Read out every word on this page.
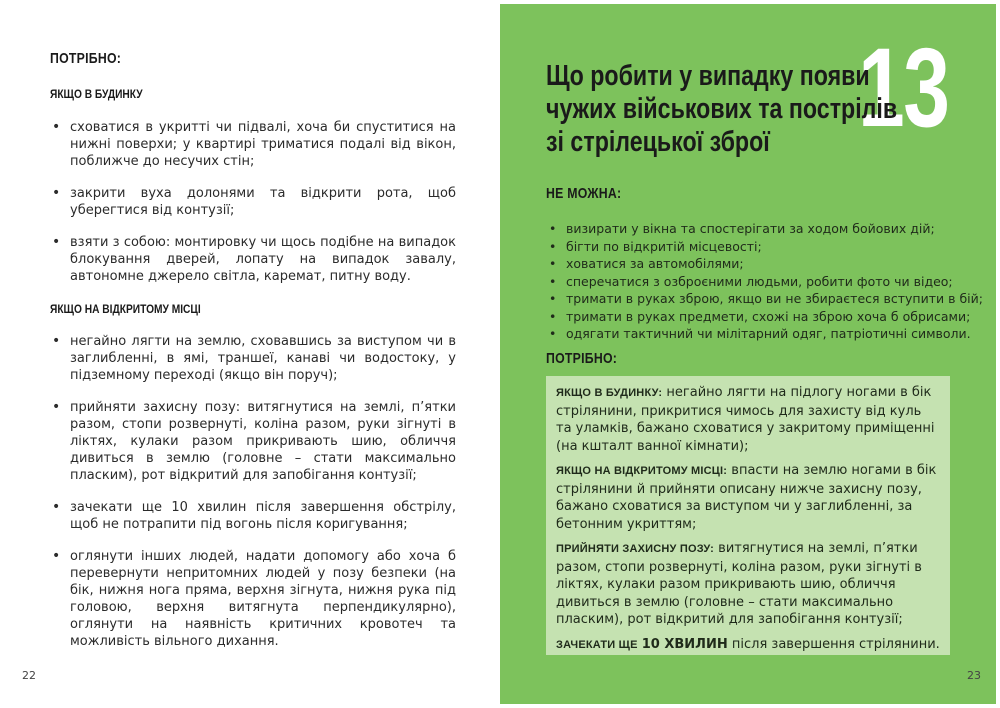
ПОТРІБНО:
ЯКЩО В БУДИНКУ
• сховатися в укритті чи підвалі, хоча би спуститися на нижні поверхи; у квартирі триматися подалі від вікон, поближче до несучих стін;
• закрити вуха долонями та відкрити рота, щоб уберегтися від контузії;
• взяти з собою: монтировку чи щось подібне на випадок блокування дверей, лопату на випадок завалу, автономне джерело світла, каремат, питну воду.
ЯКЩО НА ВІДКРИТОМУ МІСЦІ
• негайно лягти на землю, сховавшись за виступом чи в заглибленні, в ямі, траншеї, канаві чи водостоку, у підземному переході (якщо він поруч);
• прийняти захисну позу: витягнутися на землі, п’ятки разом, стопи розвернуті, коліна разом, руки зігнуті в ліктях, кулаки разом прикривають шию, обличчя дивиться в землю (головне – стати максимально пласким), рот відкритий для запобігання контузії;
• зачекати ще 10 хвилин після завершення обстрілу, щоб не потрапити під вогонь після коригування;
• оглянути інших людей, надати допомогу або хоча б перевернути непритомних людей у позу безпеки (на бік, нижня нога пряма, верхня зігнута, нижня рука під головою, верхня витягнута перпендикулярно), оглянути на наявність критичних кровотеч та можливість вільного дихання.
22
13
Що робити у випадку появи чужих військових та пострілів зі стрілецької зброї
НЕ МОЖНА:
• визирати у вікна та спостерігати за ходом бойових дій;
• бігти по відкритій місцевості;
• ховатися за автомобілями;
• сперечатися з озброєними людьми, робити фото чи відео;
• тримати в руках зброю, якщо ви не збираєтеся вступити в бій;
• тримати в руках предмети, схожі на зброю хоча б обрисами;
• одягати тактичний чи мілітарний одяг, патріотичні символи.
ПОТРІБНО:

ЯКЩО В БУДИНКУ: негайно лягти на підлогу ногами в бік стрілянини, прикритися чимось для захисту від куль та уламків, бажано сховатися у закритому приміщенні (на кшталт ванної кімнати);

ЯКЩО НА ВІДКРИТОМУ МІСЦІ: впасти на землю ногами в бік стрілянини й прийняти описану нижче захисну позу, бажано сховатися за виступом чи у заглибленні, за бетонним укриттям;

ПРИЙНЯТИ ЗАХИСНУ ПОЗУ: витягнутися на землі, п’ятки разом, стопи розвернуті, коліна разом, руки зігнуті в ліктях, кулаки разом прикривають шию, обличчя дивиться в землю (головне – стати максимально пласким), рот відкритий для запобігання контузії;

ЗАЧЕКАТИ ЩЕ 10 ХВИЛИН після завершення стрілянини.

23
